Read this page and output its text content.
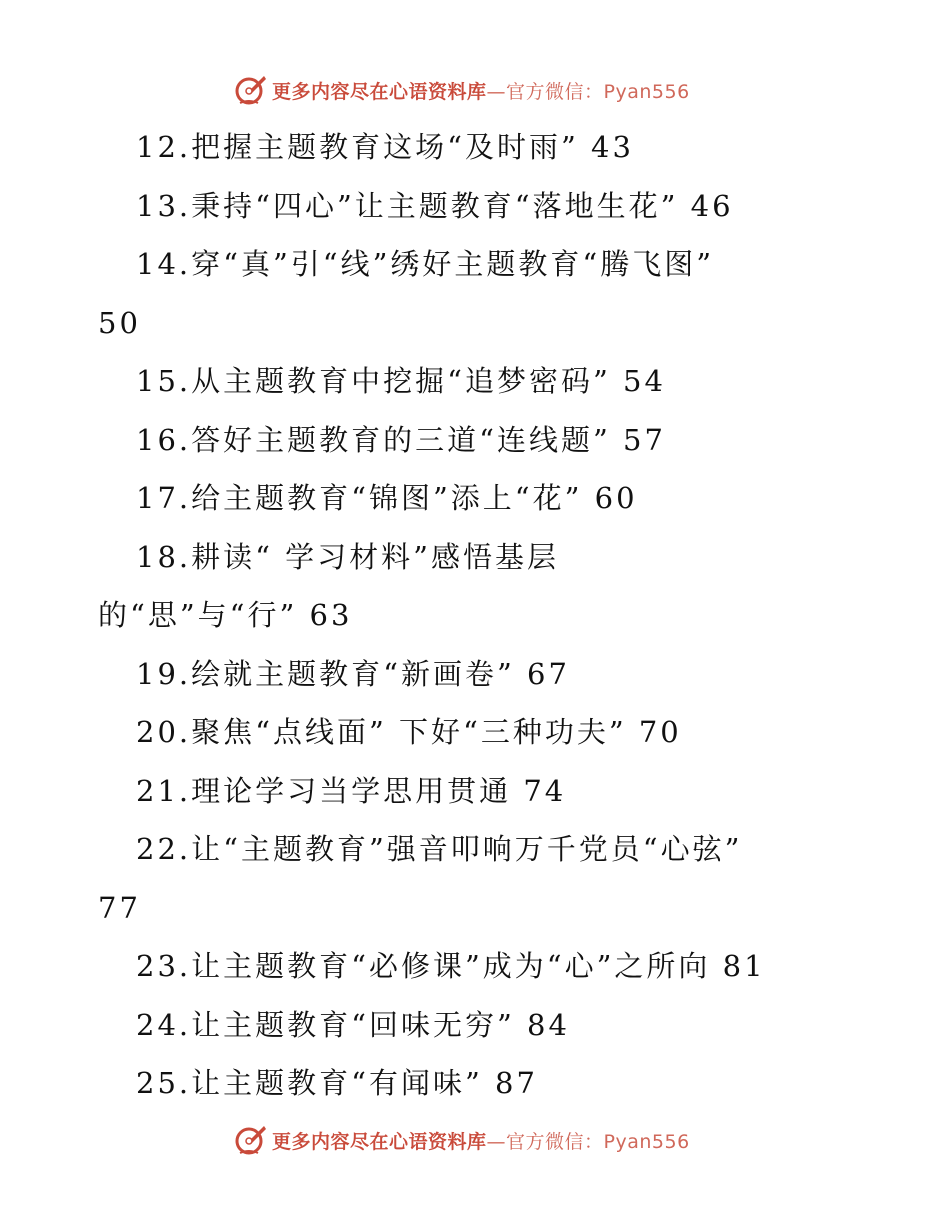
更多内容尽在心语资料库—官方微信：Pyan556
12.把握主题教育这场“及时雨” 43
13.秉持“四心”让主题教育“落地生花” 46
14.穿“真”引“线”绣好主题教育“腾飞图”
50
15.从主题教育中挖掘“追梦密码” 54
16.答好主题教育的三道“连线题” 57
17.给主题教育“锦图”添上“花” 60
18.耕读“ 学习材料”感悟基层
的“思”与“行” 63
19.绘就主题教育“新画卷” 67
20.聚焦“点线面” 下好“三种功夫” 70
21.理论学习当学思用贯通 74
22.让“主题教育”强音叩响万千党员“心弦”
77
23.让主题教育“必修课”成为“心”之所向 81
24.让主题教育“回味无穷” 84
25.让主题教育“有闻味” 87
更多内容尽在心语资料库—官方微信：Pyan556
